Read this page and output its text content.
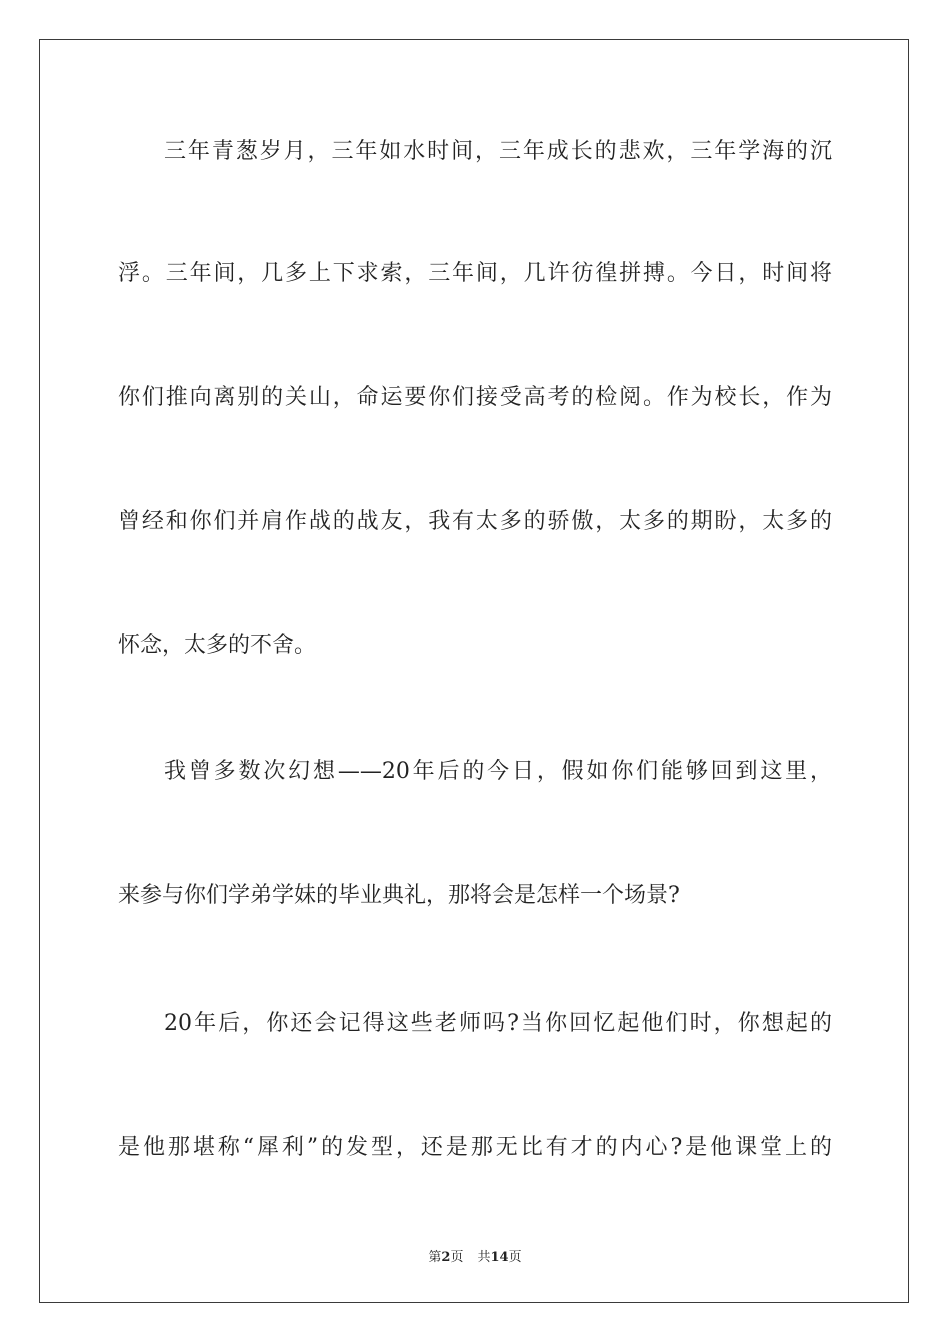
三年青葱岁月，三年如水时间，三年成长的悲欢，三年学海的沉
浮。三年间，几多上下求索，三年间，几许彷徨拼搏。今日，时间将
你们推向离别的关山，命运要你们接受高考的检阅。作为校长，作为
曾经和你们并肩作战的战友，我有太多的骄傲，太多的期盼，太多的
怀念，太多的不舍。
我曾多数次幻想——20年后的今日，假如你们能够回到这里，
来参与你们学弟学妹的毕业典礼，那将会是怎样一个场景?
20年后，你还会记得这些老师吗?当你回忆起他们时，你想起的
是他那堪称“犀利”的发型，还是那无比有才的内心?是他课堂上的
第2页 共14页
